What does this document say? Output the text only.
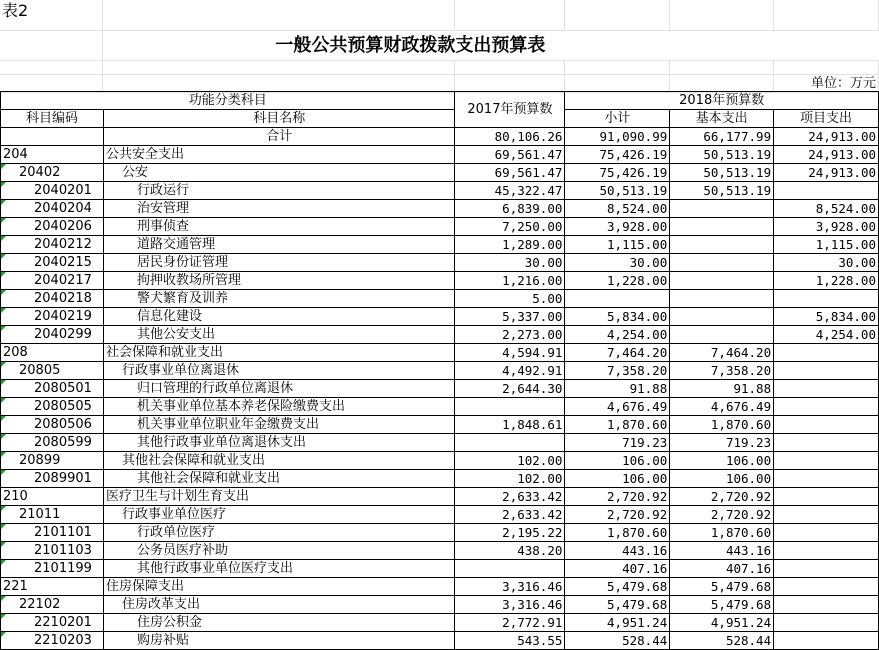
表2					
	一般公共预算财政拨款支出预算表				

					单位：万元
功能分类科目		2017年预算数	2018年预算数		
科目编码	科目名称		小计	基本支出	项目支出
	合计	80,106.26	91,090.99	66,177.99	24,913.00
204	公共安全支出	69,561.47	75,426.19	50,513.19	24,913.00
20402	公安	69,561.47	75,426.19	50,513.19	24,913.00
2040201	行政运行	45,322.47	50,513.19	50,513.19	
2040204	治安管理	6,839.00	8,524.00		8,524.00
2040206	刑事侦查	7,250.00	3,928.00		3,928.00
2040212	道路交通管理	1,289.00	1,115.00		1,115.00
2040215	居民身份证管理	30.00	30.00		30.00
2040217	拘押收教场所管理	1,216.00	1,228.00		1,228.00
2040218	警犬繁育及训养	5.00			
2040219	信息化建设	5,337.00	5,834.00		5,834.00
2040299	其他公安支出	2,273.00	4,254.00		4,254.00
208	社会保障和就业支出	4,594.91	7,464.20	7,464.20	
20805	行政事业单位离退休	4,492.91	7,358.20	7,358.20	
2080501	归口管理的行政单位离退休	2,644.30	91.88	91.88	
2080505	机关事业单位基本养老保险缴费支出		4,676.49	4,676.49	
2080506	机关事业单位职业年金缴费支出	1,848.61	1,870.60	1,870.60	
2080599	其他行政事业单位离退休支出		719.23	719.23	
20899	其他社会保障和就业支出	102.00	106.00	106.00	
2089901	其他社会保障和就业支出	102.00	106.00	106.00	
210	医疗卫生与计划生育支出	2,633.42	2,720.92	2,720.92	
21011	行政事业单位医疗	2,633.42	2,720.92	2,720.92	
2101101	行政单位医疗	2,195.22	1,870.60	1,870.60	
2101103	公务员医疗补助	438.20	443.16	443.16	
2101199	其他行政事业单位医疗支出		407.16	407.16	
221	住房保障支出	3,316.46	5,479.68	5,479.68	
22102	住房改革支出	3,316.46	5,479.68	5,479.68	
2210201	住房公积金	2,772.91	4,951.24	4,951.24	
2210203	购房补贴	543.55	528.44	528.44	
